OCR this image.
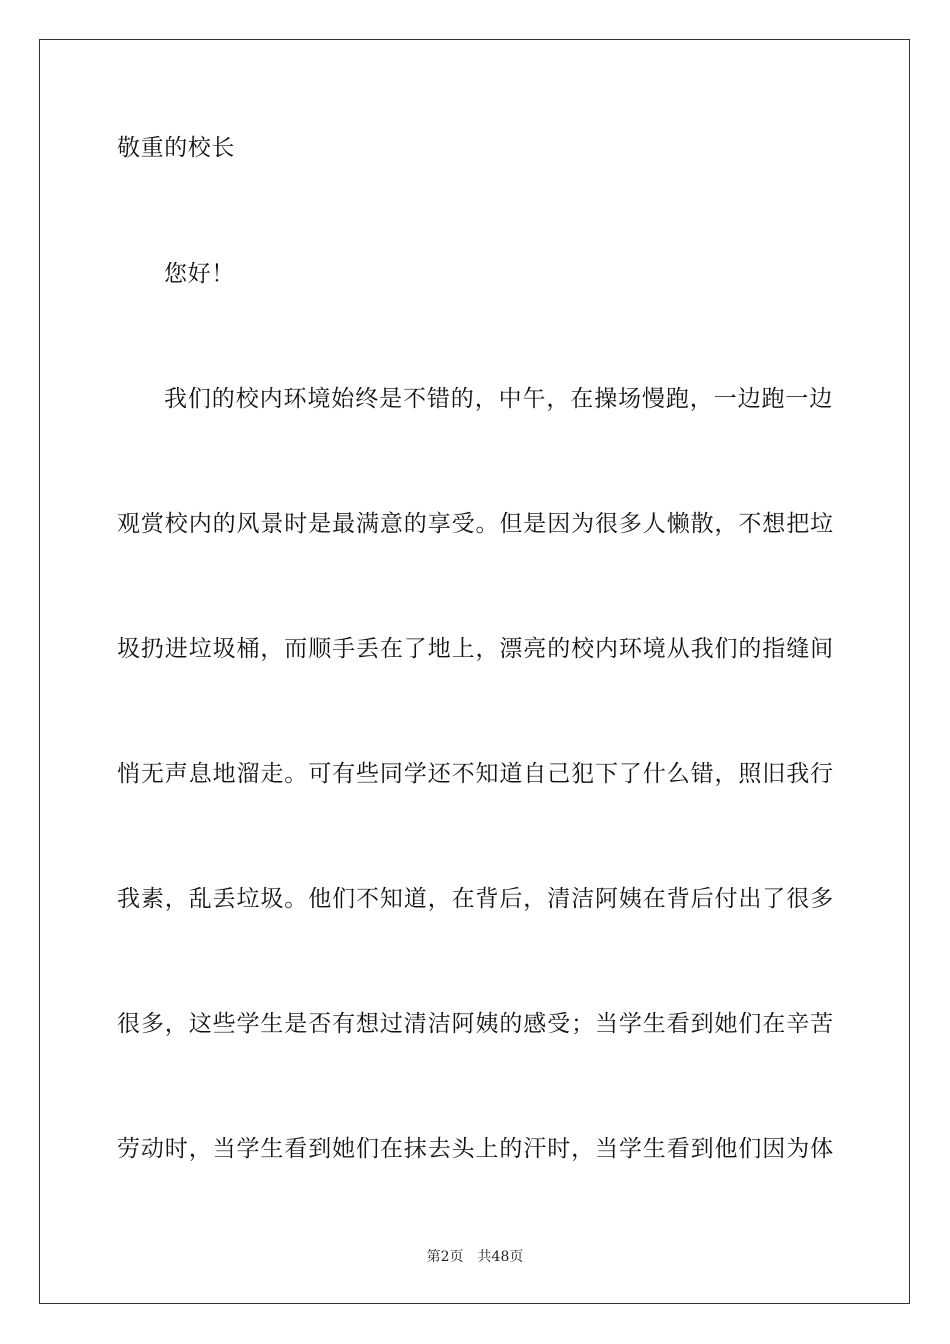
敬重的校长
您好！
我们的校内环境始终是不错的，中午，在操场慢跑，一边跑一边
观赏校内的风景时是最满意的享受。但是因为很多人懒散，不想把垃
圾扔进垃圾桶，而顺手丢在了地上，漂亮的校内环境从我们的指缝间
悄无声息地溜走。可有些同学还不知道自己犯下了什么错，照旧我行
我素，乱丢垃圾。他们不知道，在背后，清洁阿姨在背后付出了很多
很多，这些学生是否有想过清洁阿姨的感受；当学生看到她们在辛苦
劳动时，当学生看到她们在抹去头上的汗时，当学生看到他们因为体
第2页 共48页
